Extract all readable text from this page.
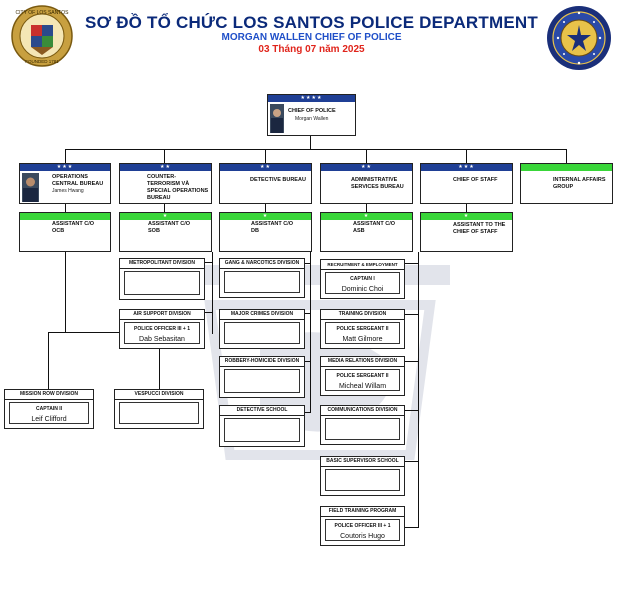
CITY OF LOS SANTOS
FOUNDED 1781
SƠ ĐỒ TỔ CHỨC LOS SANTOS POLICE DEPARTMENT
MORGAN WALLEN CHIEF OF POLICE
03 Tháng 07 năm 2025
★★★★
CHIEF OF POLICE
Morgan Wallen
★★★
OPERATIONS CENTRAL BUREAU
James Hwang
★★
COUNTER-TERRORISM VÀ SPECIAL OPERATIONS BUREAU
★★
DETECTIVE BUREAU
★★
ADMINISTRATIVE SERVICES BUREAU
★★★
CHIEF OF STAFF	INTERNAL AFFAIRS GROUP
ASSISTANT C/O
OCB
★
ASSISTANT C/O
SOB
★
ASSISTANT C/O
DB
★
ASSISTANT C/O
ASB
★
ASSISTANT TO THE CHIEF OF STAFF
MISSION ROW DIVISION
CAPTAIN II
Leif Clifford
VESPUCCI DIVISION
METROPOLITANT DIVISION
AIR SUPPORT DIVISION
POLICE OFFICER III + 1
Dab Sebasitan
GANG & NARCOTICS DIVISION
MAJOR CRIMES DIVISION
ROBBERY-HOMICIDE DIVISION
DETECTIVE SCHOOL
RECRUITMENT & EMPLOYMENT
CAPTAIN I
Dominic Choi
TRAINING DIVISION
POLICE SERGEANT II
Matt Gilmore
MEDIA RELATIONS DIVISION
POLICE SERGEANT II
Micheal Willam
COMMUNICATIONS DIVISION
BASIC SUPERVISOR SCHOOL
FIELD TRAINING PROGRAM
POLICE OFFICER III + 1
Coutoris Hugo
